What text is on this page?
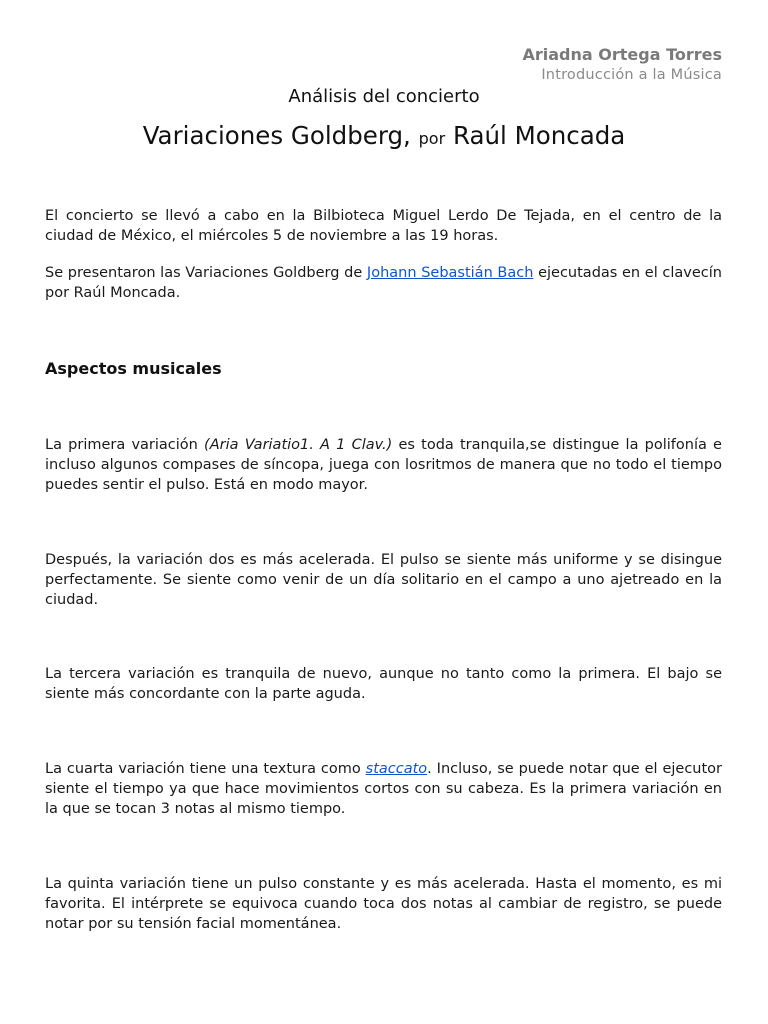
Ariadna Ortega Torres
Introducción a la Música
Análisis del concierto
Variaciones Goldberg, por Raúl Moncada

El concierto se llevó a cabo en la Bilbioteca Miguel Lerdo De Tejada, en el centro de la ciudad de México, el miércoles 5 de noviembre a las 19 horas.

Se presentaron las Variaciones Goldberg de Johann Sebastián Bach ejecutadas en el clavecín por Raúl Moncada.

Aspectos musicales

La primera variación (Aria Variatio1. A 1 Clav.) es toda tranquila,se distingue la polifonía e incluso algunos compases de síncopa, juega con losritmos de manera que no todo el tiempo puedes sentir el pulso. Está en modo mayor.

Después, la variación dos es más acelerada. El pulso se siente más uniforme y se disingue perfectamente. Se siente como venir de un día solitario en el campo a uno ajetreado en la ciudad.

La tercera variación es tranquila de nuevo, aunque no tanto como la primera. El bajo se siente más concordante con la parte aguda.

La cuarta variación tiene una textura como staccato. Incluso, se puede notar que el ejecutor siente el tiempo ya que hace movimientos cortos con su cabeza. Es la primera variación en la que se tocan 3 notas al mismo tiempo.

La quinta variación tiene un pulso constante y es más acelerada. Hasta el momento, es mi favorita. El intérprete se equivoca cuando toca dos notas al cambiar de registro, se puede notar por su tensión facial momentánea.
